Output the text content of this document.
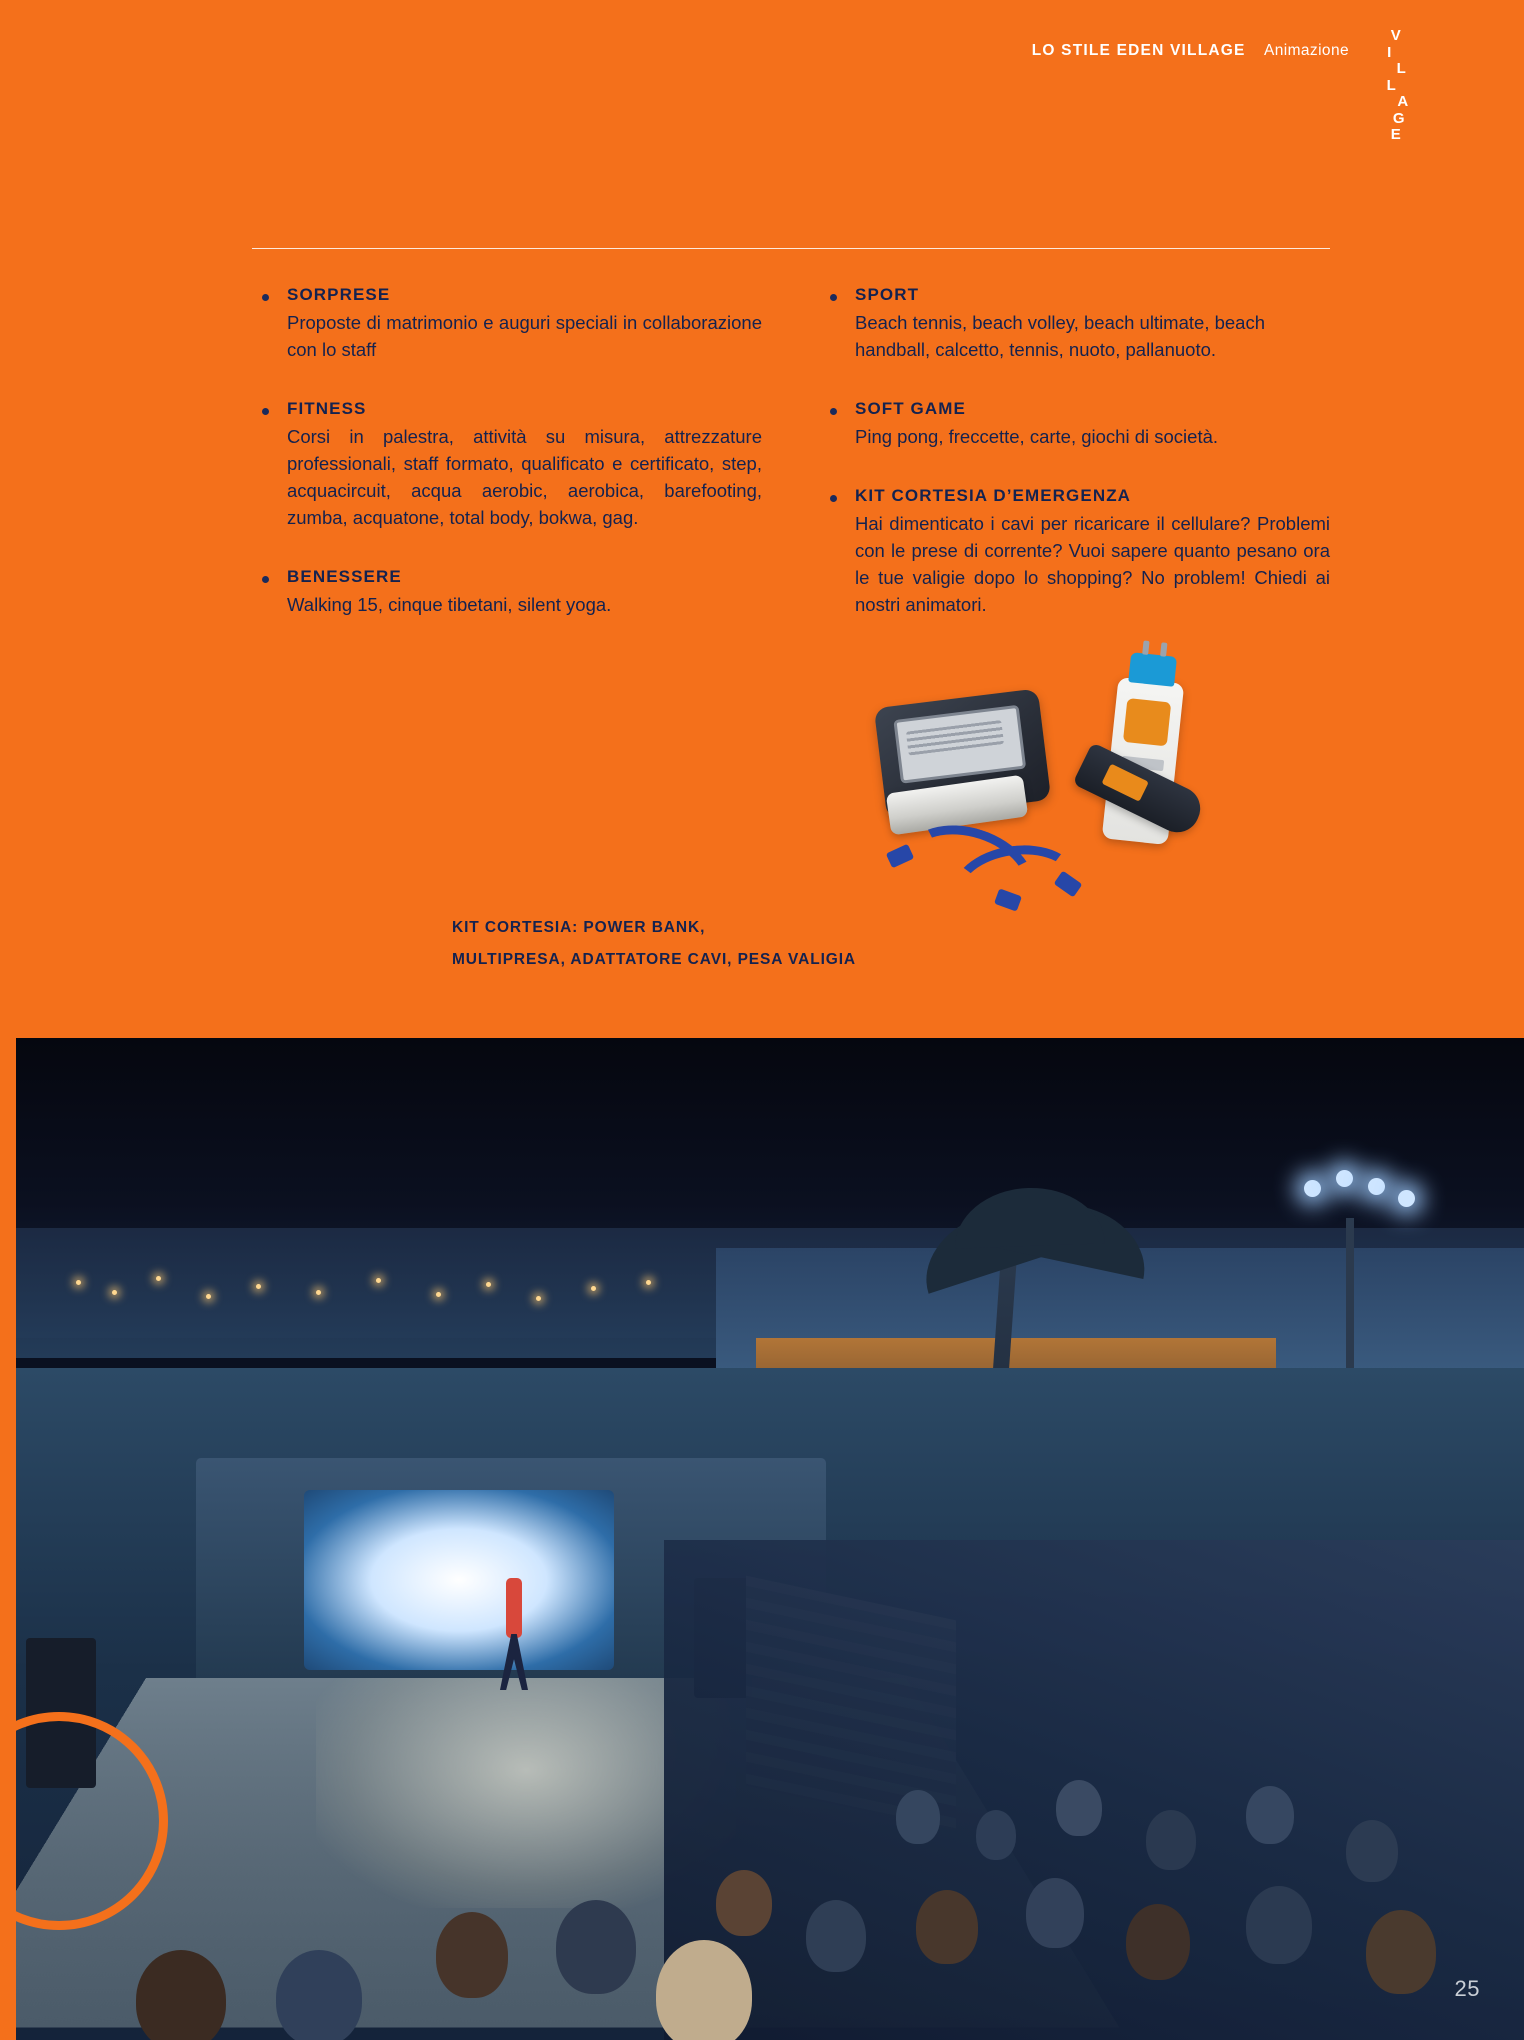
LO STILE EDEN VILLAGE Animazione
V
I
L
L
A
G
E
SORPRESE

Proposte di matrimonio e auguri speciali in collaborazione con lo staff

FITNESS

Corsi in palestra, attività su misura, attrezzature professionali, staff formato, qualificato e certificato, step, acquacircuit, acqua aerobic, aerobica, barefooting, zumba, acquatone, total body, bokwa, gag.

BENESSERE

Walking 15, cinque tibetani, silent yoga.

SPORT

Beach tennis, beach volley, beach ultimate, beach handball, calcetto, tennis, nuoto, pallanuoto.

SOFT GAME

Ping pong, freccette, carte, giochi di società.

KIT CORTESIA D’EMERGENZA

Hai dimenticato i cavi per ricaricare il cellulare? Problemi con le prese di corrente? Vuoi sapere quanto pesano ora le tue valigie dopo lo shopping? No problem! Chiedi ai nostri animatori.

KIT CORTESIA: POWER BANK,
MULTIPRESA, ADATTATORE CAVI, PESA VALIGIA
25
